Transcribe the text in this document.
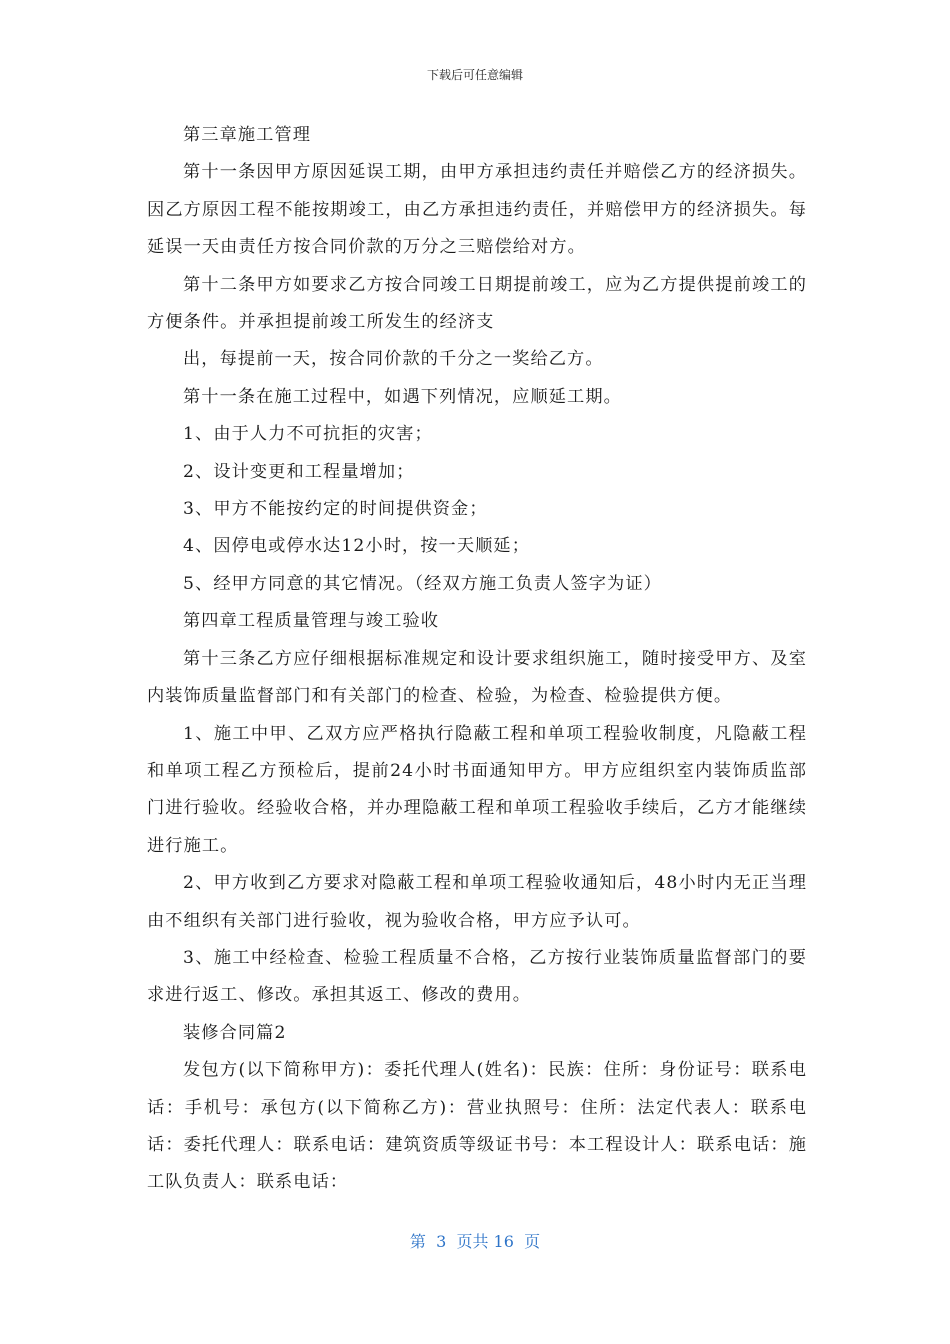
下载后可任意编辑

第三章施工管理

第十一条因甲方原因延误工期，由甲方承担违约责任并赔偿乙方的经济损失。因乙方原因工程不能按期竣工，由乙方承担违约责任，并赔偿甲方的经济损失。每延误一天由责任方按合同价款的万分之三赔偿给对方。

第十二条甲方如要求乙方按合同竣工日期提前竣工，应为乙方提供提前竣工的方便条件。并承担提前竣工所发生的经济支

出，每提前一天，按合同价款的千分之一奖给乙方。

第十一条在施工过程中，如遇下列情况，应顺延工期。

1、由于人力不可抗拒的灾害；

2、设计变更和工程量增加；

3、甲方不能按约定的时间提供资金；

4、因停电或停水达12小时，按一天顺延；

5、经甲方同意的其它情况。（经双方施工负责人签字为证）

第四章工程质量管理与竣工验收

第十三条乙方应仔细根据标准规定和设计要求组织施工，随时接受甲方、及室内装饰质量监督部门和有关部门的检查、检验，为检查、检验提供方便。

1、施工中甲、乙双方应严格执行隐蔽工程和单项工程验收制度，凡隐蔽工程和单项工程乙方预检后，提前24小时书面通知甲方。甲方应组织室内装饰质监部门进行验收。经验收合格，并办理隐蔽工程和单项工程验收手续后，乙方才能继续进行施工。

2、甲方收到乙方要求对隐蔽工程和单项工程验收通知后，48小时内无正当理由不组织有关部门进行验收，视为验收合格，甲方应予认可。

3、施工中经检查、检验工程质量不合格，乙方按行业装饰质量监督部门的要求进行返工、修改。承担其返工、修改的费用。

装修合同篇2

发包方(以下简称甲方)：委托代理人(姓名)：民族：住所：身份证号：联系电话：手机号：承包方(以下简称乙方)：营业执照号：住所：法定代表人：联系电话：委托代理人：联系电话：建筑资质等级证书号：本工程设计人：联系电话：施工队负责人：联系电话：

第  3  页共 16  页
